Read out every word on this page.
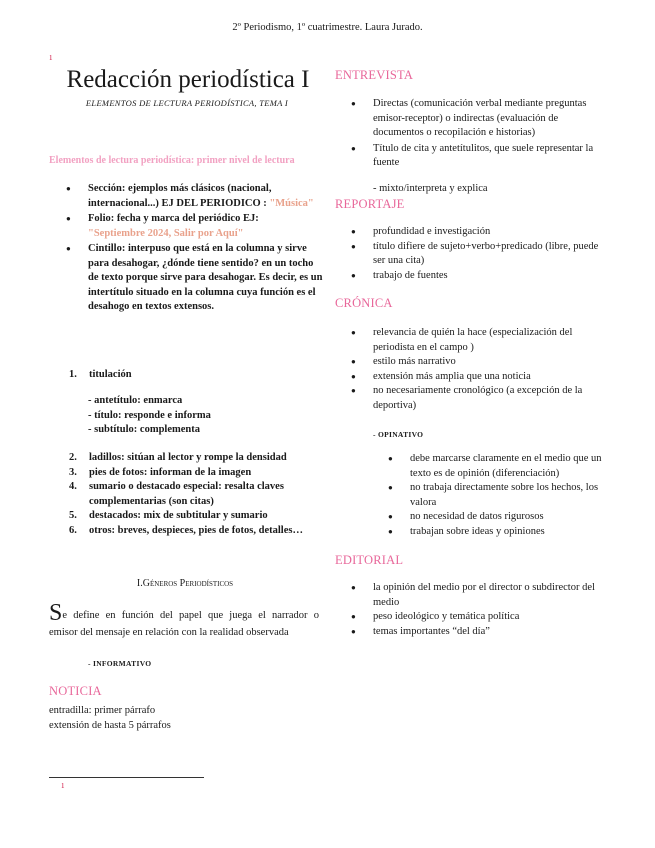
2º Periodismo, 1º cuatrimestre. Laura Jurado.
1
Redacción periodística I
ELEMENTOS DE LECTURA PERIODÍSTICA, TEMA I
Elementos de lectura periodística: primer nivel de lectura
● Sección: ejemplos más clásicos (nacional, internacional...) EJ DEL PERIODICO : "Música"
● Folio: fecha y marca del periódico EJ:
"Septiembre 2024, Salir por Aquí"
● Cintillo: interpuso que está en la columna y sirve para desahogar, ¿dónde tiene sentido? en un tocho de texto porque sirve para desahogar. Es decir, es un intertítulo situado en la columna cuya función es el desahogo en textos extensos.
1. titulación
- antetítulo: enmarca
- título: responde e informa
- subtítulo: complementa
2.	ladillos: sitúan al lector y rompe la densidad
3.	pies de fotos: informan de la imagen
4.	sumario o destacado especial: resalta claves complementarias (son citas)
5.	destacados: mix de subtitular y sumario
6.	otros: breves, despieces, pies de fotos, detalles…
I.Géneros Periodísticos
S e define en función del papel que juega el narrador o
emisor del mensaje en relación con la realidad observada
- INFORMATIVO
NOTICIA
entradilla: primer párrafo
extensión de hasta 5 párrafos
1
ENTREVISTA
● Directas (comunicación verbal mediante preguntas emisor-receptor) o indirectas (evaluación de documentos o recopilación e historias)
● Título de cita y antetítulitos, que suele representar la fuente
- mixto/interpreta y explica
REPORTAJE
● profundidad e investigación
● título difiere de sujeto+verbo+predicado (libre, puede ser una cita)
● trabajo de fuentes
CRÓNICA
● relevancia de quién la hace (especialización del periodista en el campo )
● estilo más narrativo
● extensión más amplia que una noticia
● no necesariamente cronológico (a excepción de la deportiva)
- OPINATIVO
● debe marcarse claramente en el medio que un texto es de opinión (diferenciación)
● no trabaja directamente sobre los hechos, los valora
● no necesidad de datos rigurosos
● trabajan sobre ideas y opiniones
EDITORIAL
● la opinión del medio por el director o subdirector del medio
● peso ideológico y temática política
● temas importantes “del día”
